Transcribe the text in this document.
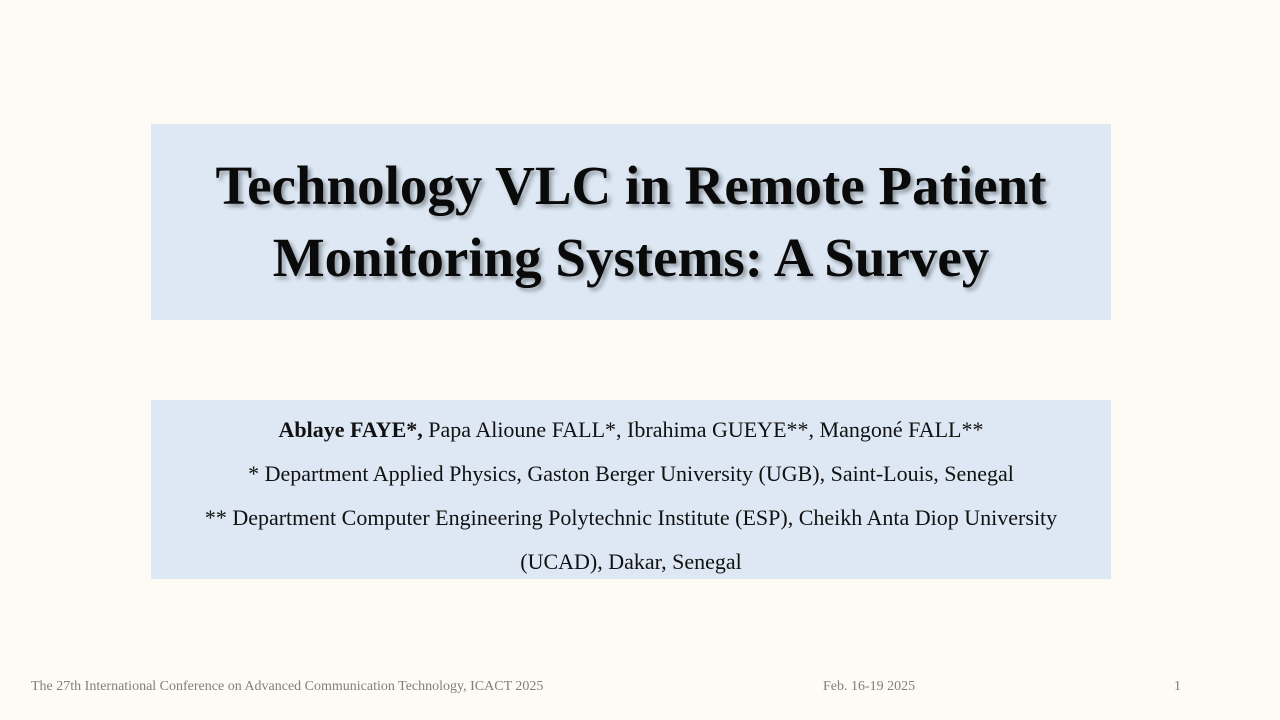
Technology VLC in Remote Patient
Monitoring Systems: A Survey
Ablaye FAYE*, Papa Alioune FALL*, Ibrahima GUEYE**, Mangoné FALL**
* Department Applied Physics, Gaston Berger University (UGB), Saint-Louis, Senegal
** Department Computer Engineering Polytechnic Institute (ESP), Cheikh Anta Diop University
(UCAD), Dakar, Senegal
The 27th International Conference on Advanced Communication Technology, ICACT 2025	Feb. 16-19 2025	1
